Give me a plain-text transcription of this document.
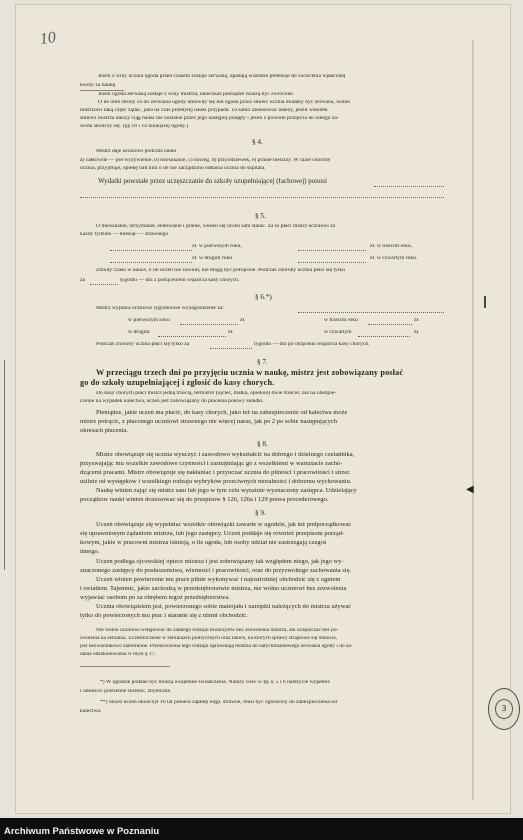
◀
10
Jeżeli z winy ucznia ugoda przed czasem zostaje zerwaną, upadają wszelkie pretensje do zwrócenia wpłaconej
kwoty za naukę.
Jeżeli ugoda zerwaną zostaje z winy mistrza, naleczkas pieniądze muszą być zwrócone.
O ile obie strony co do zerwania ugody umówiły się lub ugoda przez śmierć ucznia miałaby być zerwana, wolno
mistrzowi taką część żądać, jaka na czas przebytej nauki przypada. To samo zastosować należy, jeżeli wskutek
śmierci mistrza dalszy ciąg nauki nie zostanie przez jego następcę podjęty i jeżeli z powodu przejścia do innego za-
wodu skończy się. (§§ 18 i 14 niniejszej ugody.)
§ 4.
Mistrz daje uczniowi podczas nauki
a) całkowite — pół wyżywienie, b) mieszkanie, c) nocleg, d) przyodziewek, e) pranie bielizny. W razie choroby
ucznia, przyjmuje, opiekę nad nim o ile nie zarządzono oddania ucznia do szpitala.
Wydatki powstałe przez uczęszczanie do szkoły uzupełniającej (fachowej) ponosi
§ 5.
O mieszkanie, utrzymanie, stołowanie i pranie, winien się uczeń sam starać. Za to płaci mistrz uczniowi za
każdy tydzień — miesiąc — strawnego
zł. w pierwszym roku,	zł. w trzecim roku,
zł. w drugim roku	zł. w czwartym roku.
Zmudy czasu w nauce, o ile uczeń nie zawinił, nie mogą być potrącone. Podczas choroby ucznia płaci się tylko
za	tygodni — dni z potrąceniem wsparcia kasy chorych.
§ 6.*)
Mistrz wypłaca uczniowi tygodniowe wynagrodzenie za:
w pierwszym roku	zł.	w trzecim roku	zł.
w drugim	zł.	w czwartym	zł.
Podczas choroby ucznia płaci się tylko za	tygodni — dni po otrąceniu wsparcia kasy chorych.
§ 7.
W przeciągu trzech dni po przyjęciu ucznia w naukę, mistrz jest zobowiązany posłać
go do szkoły uzupełniającej i zgłosić do kasy chorych.
Do kasy chorych płaci mistrz jedną trzecią, termistor (ojciec, matka, opiekun) dwie trzecie; zaś na ubezpie-
czenie na wypadek kalectwa, uczeń jest zobowiązany do płacenia połowy składki.
Pieniądze, jakie uczeń ma płacić, do kasy chorych, jako też na zabezpieczenie od kalectwa może
mistrz potrącić, z płaconego uczniowi strawnego nie więcej naraz, jak po 2 po sobie następujących
okresach płacenia.
§ 8.
Mistrz obowiązuje się ucznia wyuczyć i zawodowo wykształcić na dobrego i dzielnego czeladnika,
przyswajając mu wszelkie zawodowe czynności i zaznajmiając go z wszelkiemi w warsztacie zacho-
dzącemi pracami. Mistrz obowiązuje się nakłaniać i przyuczać ucznia do pilności i pracowitości i strzec
usilnie od występków i wszelkiego rodzaju wybryków przeciwnych moralności i dobremu wychowaniu.
Naukę winien zająć się mistrz sam lub jego w tym celu wyraźnie wyznaczony zastępca. Udzielający
początków nauki winien dostosować się do przepisów § 126, 126a i 129 prawa procederowego.
§ 9.
Uczeń obowiązuje się wypełniać wszelkie obowiązki zawarte w ugodzie, jak też podporządkować
się uprawnionym żądaniom mistrza, lub jego zastępcy. Uczeń poddaje się również przepisom porząd-
kowym, jakie w pracowni mistrza istnieją, o ile ugoda, lub osoby udział nie zastrzegają czegoś
innego.
Uczeń podlega ojcowskiej opiece mistrza i jest zobowiązany tak względem niego, jak jego wy-
znaczonego zastępcy do posłuszeństwa, wierności i pracowitości, oraz do przyzwoitego zachowania się.
Uczeń winien powierzone mu prace pilnie wykonywać i najostrożniej obchodzić się z ogniem
i światłem. Tajemnic, jakie zachodzą w przedsiębiorstwie mistrza, nie wolno uczniowi bez zezwolenia
wyjawiać osobom po za obrębem tegoż przedsiębiorstwa.
Ucznia obowiązkiem jest, powierzonego sobie materjału i narzędzi należących do mistrza używać
tylko do powierzonych mu prac i staranie się z niemi obchodzić.
Nie wolno uczniowi wstępować do żadnego rodzaju towarzystw bez zezwolenia mistrza, ani uczęszczać bez po-
zwolenia na zebrania. Uczestniczenie w zebraniach politycznych oraz takich, na których sprawy strajkowe się omawia,
jest bezwarunkowo zabronione. Przekroczenia tego rodzaju uprawniają mistrza do natychmiastowego zerwania ugody i do ża-
dania odszkodowania w myśl § 17.
*) W ugodzie podane być muszą wzajemne świadczenia. Należy wiec w §§ 4, 5 i 6 należycie wypełnić
i umieścić potrzebne skreślić, zbyteczne.
**) Skoro uczeń ukończył 16 lat pobiera zapłatę węgl. strawne, musi być zgłoszony do zabezpieczenia od
kalectwa.	3
Archiwum Państwowe w Poznaniu
